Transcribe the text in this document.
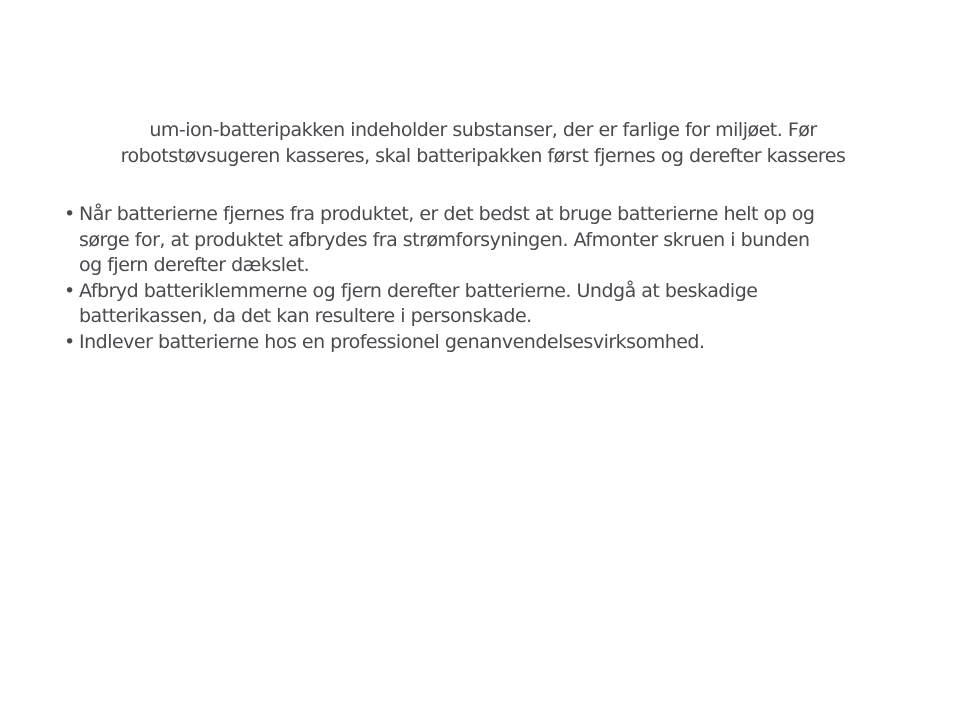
um-ion-batteripakken indeholder substanser, der er farlige for miljøet. Før
robotstøvsugeren kasseres, skal batteripakken først fjernes og derefter kasseres

• Når batterierne fjernes fra produktet, er det bedst at bruge batterierne helt op og
sørge for, at produktet afbrydes fra strømforsyningen. Afmonter skruen i bunden
og fjern derefter dækslet.
• Afbryd batteriklemmerne og fjern derefter batterierne. Undgå at beskadige
batterikassen, da det kan resultere i personskade.
• Indlever batterierne hos en professionel genanvendelsesvirksomhed.
